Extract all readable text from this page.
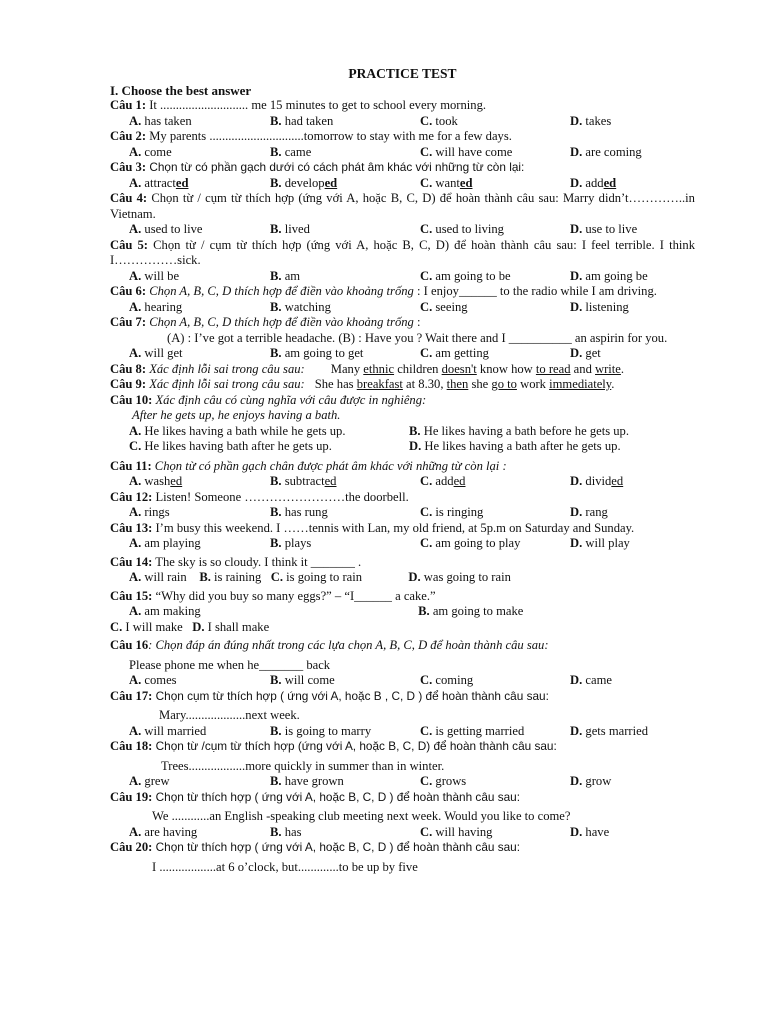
PRACTICE TEST
I. Choose the best answer
Câu 1: It ............................ me 15 minutes to get to school every morning.
A. has taken	B. had taken	C. took	D. takes
Câu 2: My parents ..............................tomorrow to stay with me for a few days.
A. come	B. came	C. will have come	D. are coming
Câu 3: Chọn từ có phần gạch dưới có cách phát âm khác với những từ còn lại:
A. attracted	B. developed	C. wanted	D. added
Câu 4: Chọn từ / cụm từ thích hợp (ứng với A, hoặc B, C, D) để hoàn thành câu sau: Marry didn’t…………..in Vietnam.
A. used to live	B. lived	C. used to living	D. use to live
Câu 5: Chọn từ / cụm từ thích hợp (ứng với A, hoặc B, C, D) để hoàn thành câu sau: I feel terrible. I think I……………sick.
A. will be	B. am	C. am going to be	D. am going be
Câu 6: Chọn A, B, C, D thích hợp để điền vào khoảng trống : I enjoy______ to the radio while I am driving.
A. hearing	B. watching	C. seeing	D. listening
Câu 7: Chọn A, B, C, D thích hợp để điền vào khoảng trống :
(A) : I’ve got a terrible headache. (B) : Have you ? Wait there and I __________ an aspirin for you.
A. will get	B. am going to get	C. am getting	D. get
Câu 8: Xác định lỗi sai trong câu sau: Many ethnic children doesn't know how to read and write.
Câu 9: Xác định lỗi sai trong câu sau: She has breakfast at 8.30, then she go to work immediately.
Câu 10: Xác định câu có cùng nghĩa với câu được in nghiêng:
After he gets up, he enjoys having a bath.
A. He likes having a bath while he gets up.	B. He likes having a bath before he gets up.
C. He likes having bath after he gets up.	D. He likes having a bath after he gets up.
Câu 11: Chọn từ có phần gạch chân được phát âm khác với những từ còn lại :
A. washed	B. subtracted	C. added	D. divided
Câu 12: Listen! Someone ……………………the doorbell.
A. rings	B. has rung	C. is ringing	D. rang
Câu 13: I’m busy this weekend. I ……tennis with Lan, my old friend, at 5p.m on Saturday and Sunday.
A. am playing	B. plays	C. am going to play	D. will play
Câu 14: The sky is so cloudy. I think it _______ .
A. will rain B. is raining C. is going to rain	D. was going to rain
Câu 15: “Why did you buy so many eggs?” – “I______ a cake.”
A. am making	B. am going to make
C. I will make D. I shall make
Câu 16: Chọn đáp án đúng nhất trong các lựa chọn A, B, C, D để hoàn thành câu sau:
Please phone me when he_______ back
A. comes	B. will come	C. coming	D. came
Câu 17: Chọn cụm từ thích hợp ( ứng với A, hoặc B , C, D ) để hoàn thành câu sau:
Mary...................next week.
A. will married	B. is going to marry	C. is getting married	D. gets married
Câu 18: Chọn từ /cụm từ thích hợp (ứng với A, hoặc B, C, D) để hoàn thành câu sau:
Trees..................more quickly in summer than in winter.
A. grew	B. have grown	C. grows	D. grow
Câu 19: Chọn từ thích hợp ( ứng với A, hoặc B, C, D ) để hoàn thành câu sau:
We ............an English -speaking club meeting next week. Would you like to come?
A. are having	B. has	C. will having	D. have
Câu 20: Chọn từ thích hợp ( ứng với A, hoặc B, C, D ) để hoàn thành câu sau:
I ..................at 6 o’clock, but.............to be up by five
